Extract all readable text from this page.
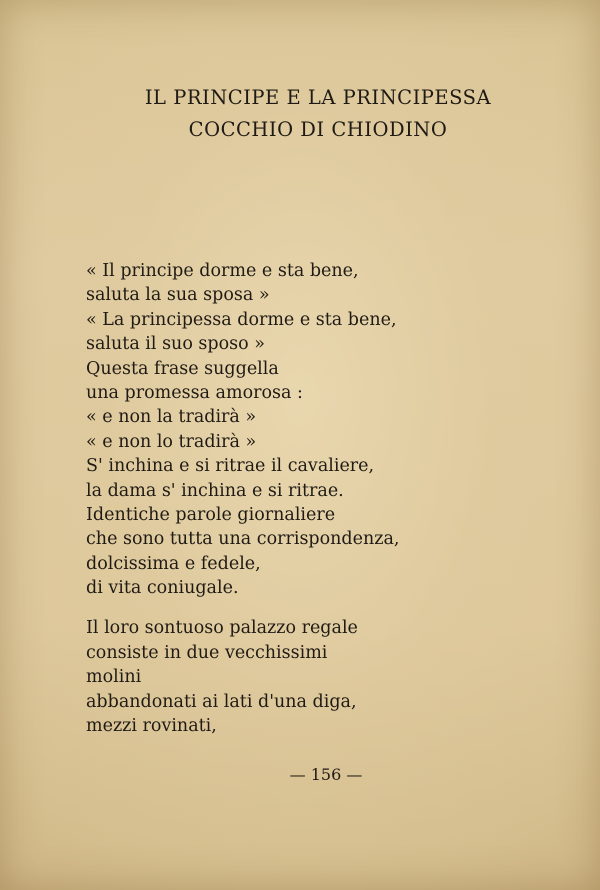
IL PRINCIPE E LA PRINCIPESSA
COCCHIO DI CHIODINO

« Il principe dorme e sta bene,
saluta la sua sposa »
« La principessa dorme e sta bene,
saluta il suo sposo »
Questa frase suggella
una promessa amorosa :
« e non la tradirà »
« e non lo tradirà »
S' inchina e si ritrae il cavaliere,
la dama s' inchina e si ritrae.
Identiche parole giornaliere
che sono tutta una corrispondenza,
dolcissima e fedele,
di vita coniugale.

Il loro sontuoso palazzo regale
consiste in due vecchissimi
molini
abbandonati ai lati d'una diga,
mezzi rovinati,

— 156 —
